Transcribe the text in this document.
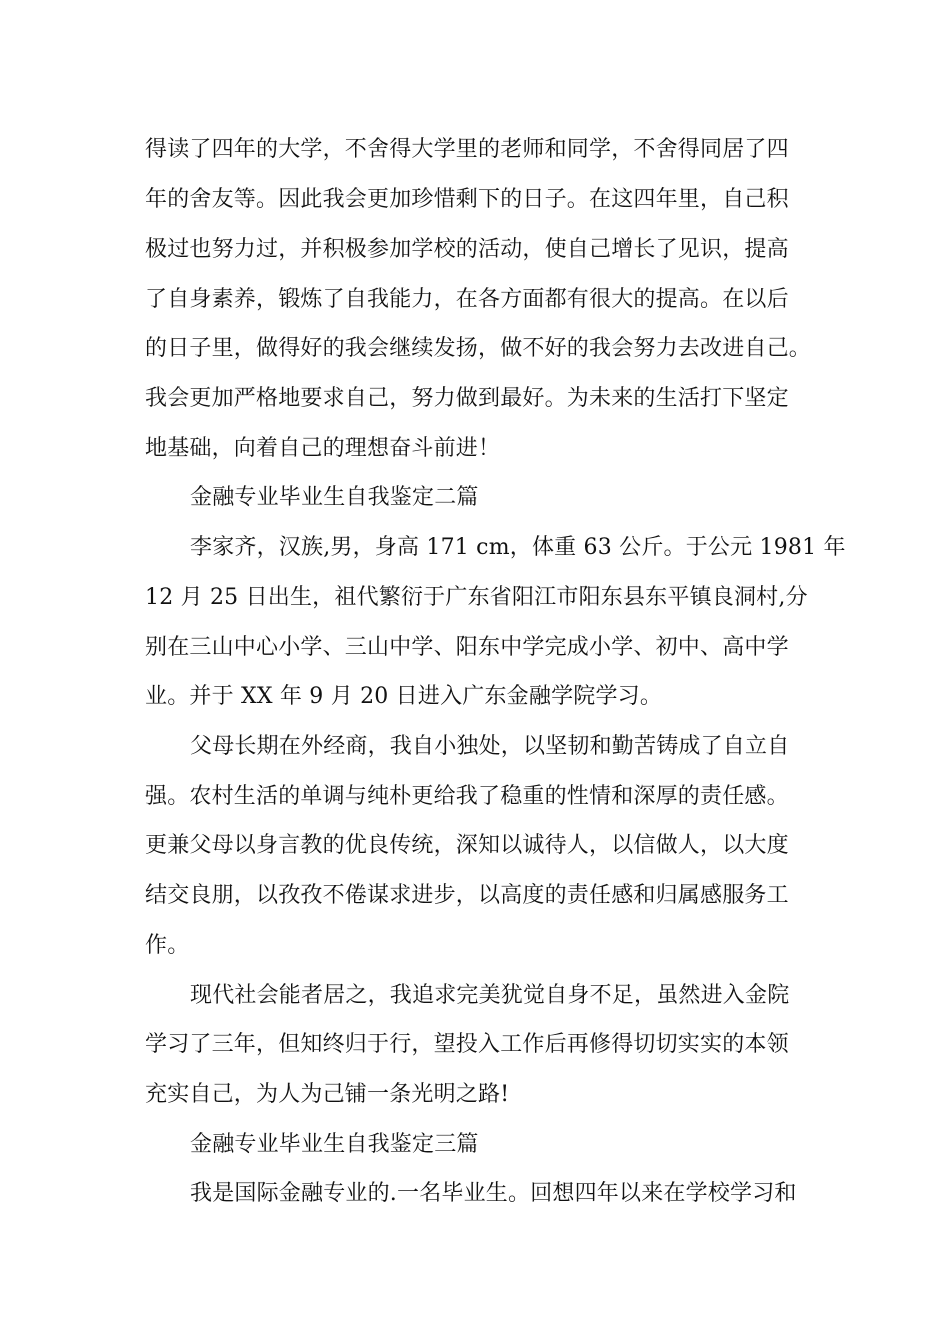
得读了四年的大学，不舍得大学里的老师和同学，不舍得同居了四
年的舍友等。因此我会更加珍惜剩下的日子。在这四年里，自己积
极过也努力过，并积极参加学校的活动，使自己增长了见识，提高
了自身素养，锻炼了自我能力，在各方面都有很大的提高。在以后
的日子里，做得好的我会继续发扬，做不好的我会努力去改进自己。
我会更加严格地要求自己，努力做到最好。为未来的生活打下坚定
地基础，向着自己的理想奋斗前进！
金融专业毕业生自我鉴定二篇
李家齐，汉族,男，身高 171 cm，体重 63 公斤。于公元 1981 年
12 月 25 日出生，祖代繁衍于广东省阳江市阳东县东平镇良洞村,分
别在三山中心小学、三山中学、阳东中学完成小学、初中、高中学
业。并于 XX 年 9 月 20 日进入广东金融学院学习。
父母长期在外经商，我自小独处，以坚韧和勤苦铸成了自立自
强。农村生活的单调与纯朴更给我了稳重的性情和深厚的责任感。
更兼父母以身言教的优良传统，深知以诚待人，以信做人，以大度
结交良朋，以孜孜不倦谋求进步，以高度的责任感和归属感服务工
作。
现代社会能者居之，我追求完美犹觉自身不足，虽然进入金院
学习了三年，但知终归于行，望投入工作后再修得切切实实的本领
充实自己，为人为己铺一条光明之路!
金融专业毕业生自我鉴定三篇
我是国际金融专业的.一名毕业生。回想四年以来在学校学习和
